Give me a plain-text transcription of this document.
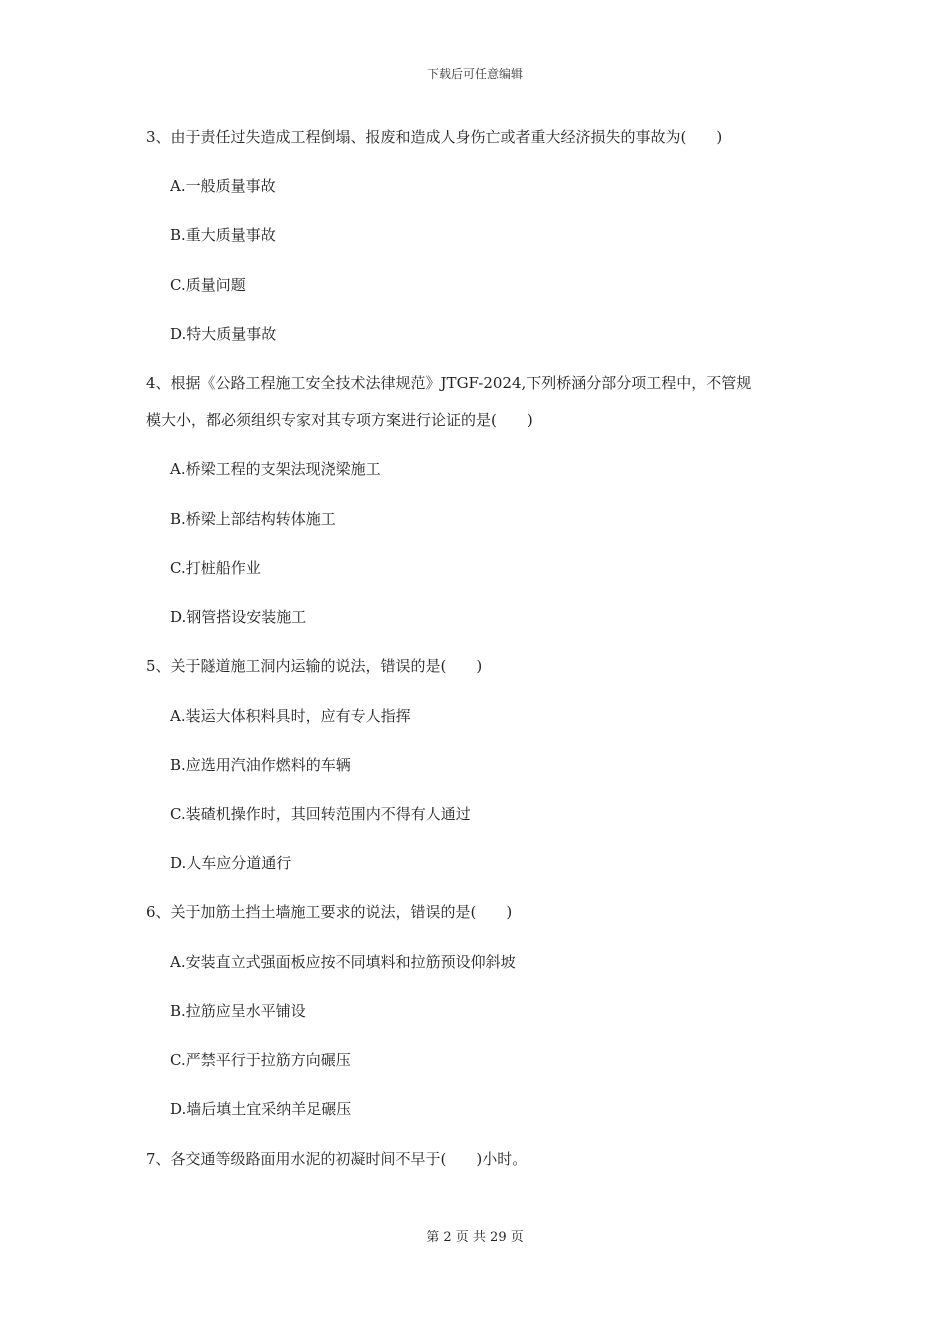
下载后可任意编辑
3、由于责任过失造成工程倒塌、报废和造成人身伤亡或者重大经济损失的事故为(　　)
A.一般质量事故
B.重大质量事故
C.质量问题
D.特大质量事故
4、根据《公路工程施工安全技术法律规范》JTGF-2024,下列桥涵分部分项工程中，不管规
模大小，都必须组织专家对其专项方案进行论证的是(　　)
A.桥梁工程的支架法现浇梁施工
B.桥梁上部结构转体施工
C.打桩船作业
D.钢管搭设安装施工
5、关于隧道施工洞内运输的说法，错误的是(　　)
A.装运大体积料具时，应有专人指挥
B.应选用汽油作燃料的车辆
C.装碴机操作时，其回转范围内不得有人通过
D.人车应分道通行
6、关于加筋土挡土墙施工要求的说法，错误的是(　　)
A.安装直立式强面板应按不同填料和拉筋预设仰斜坡
B.拉筋应呈水平铺设
C.严禁平行于拉筋方向碾压
D.墙后填土宜采纳羊足碾压
7、各交通等级路面用水泥的初凝时间不早于(　　)小时。
第 2 页 共 29 页
